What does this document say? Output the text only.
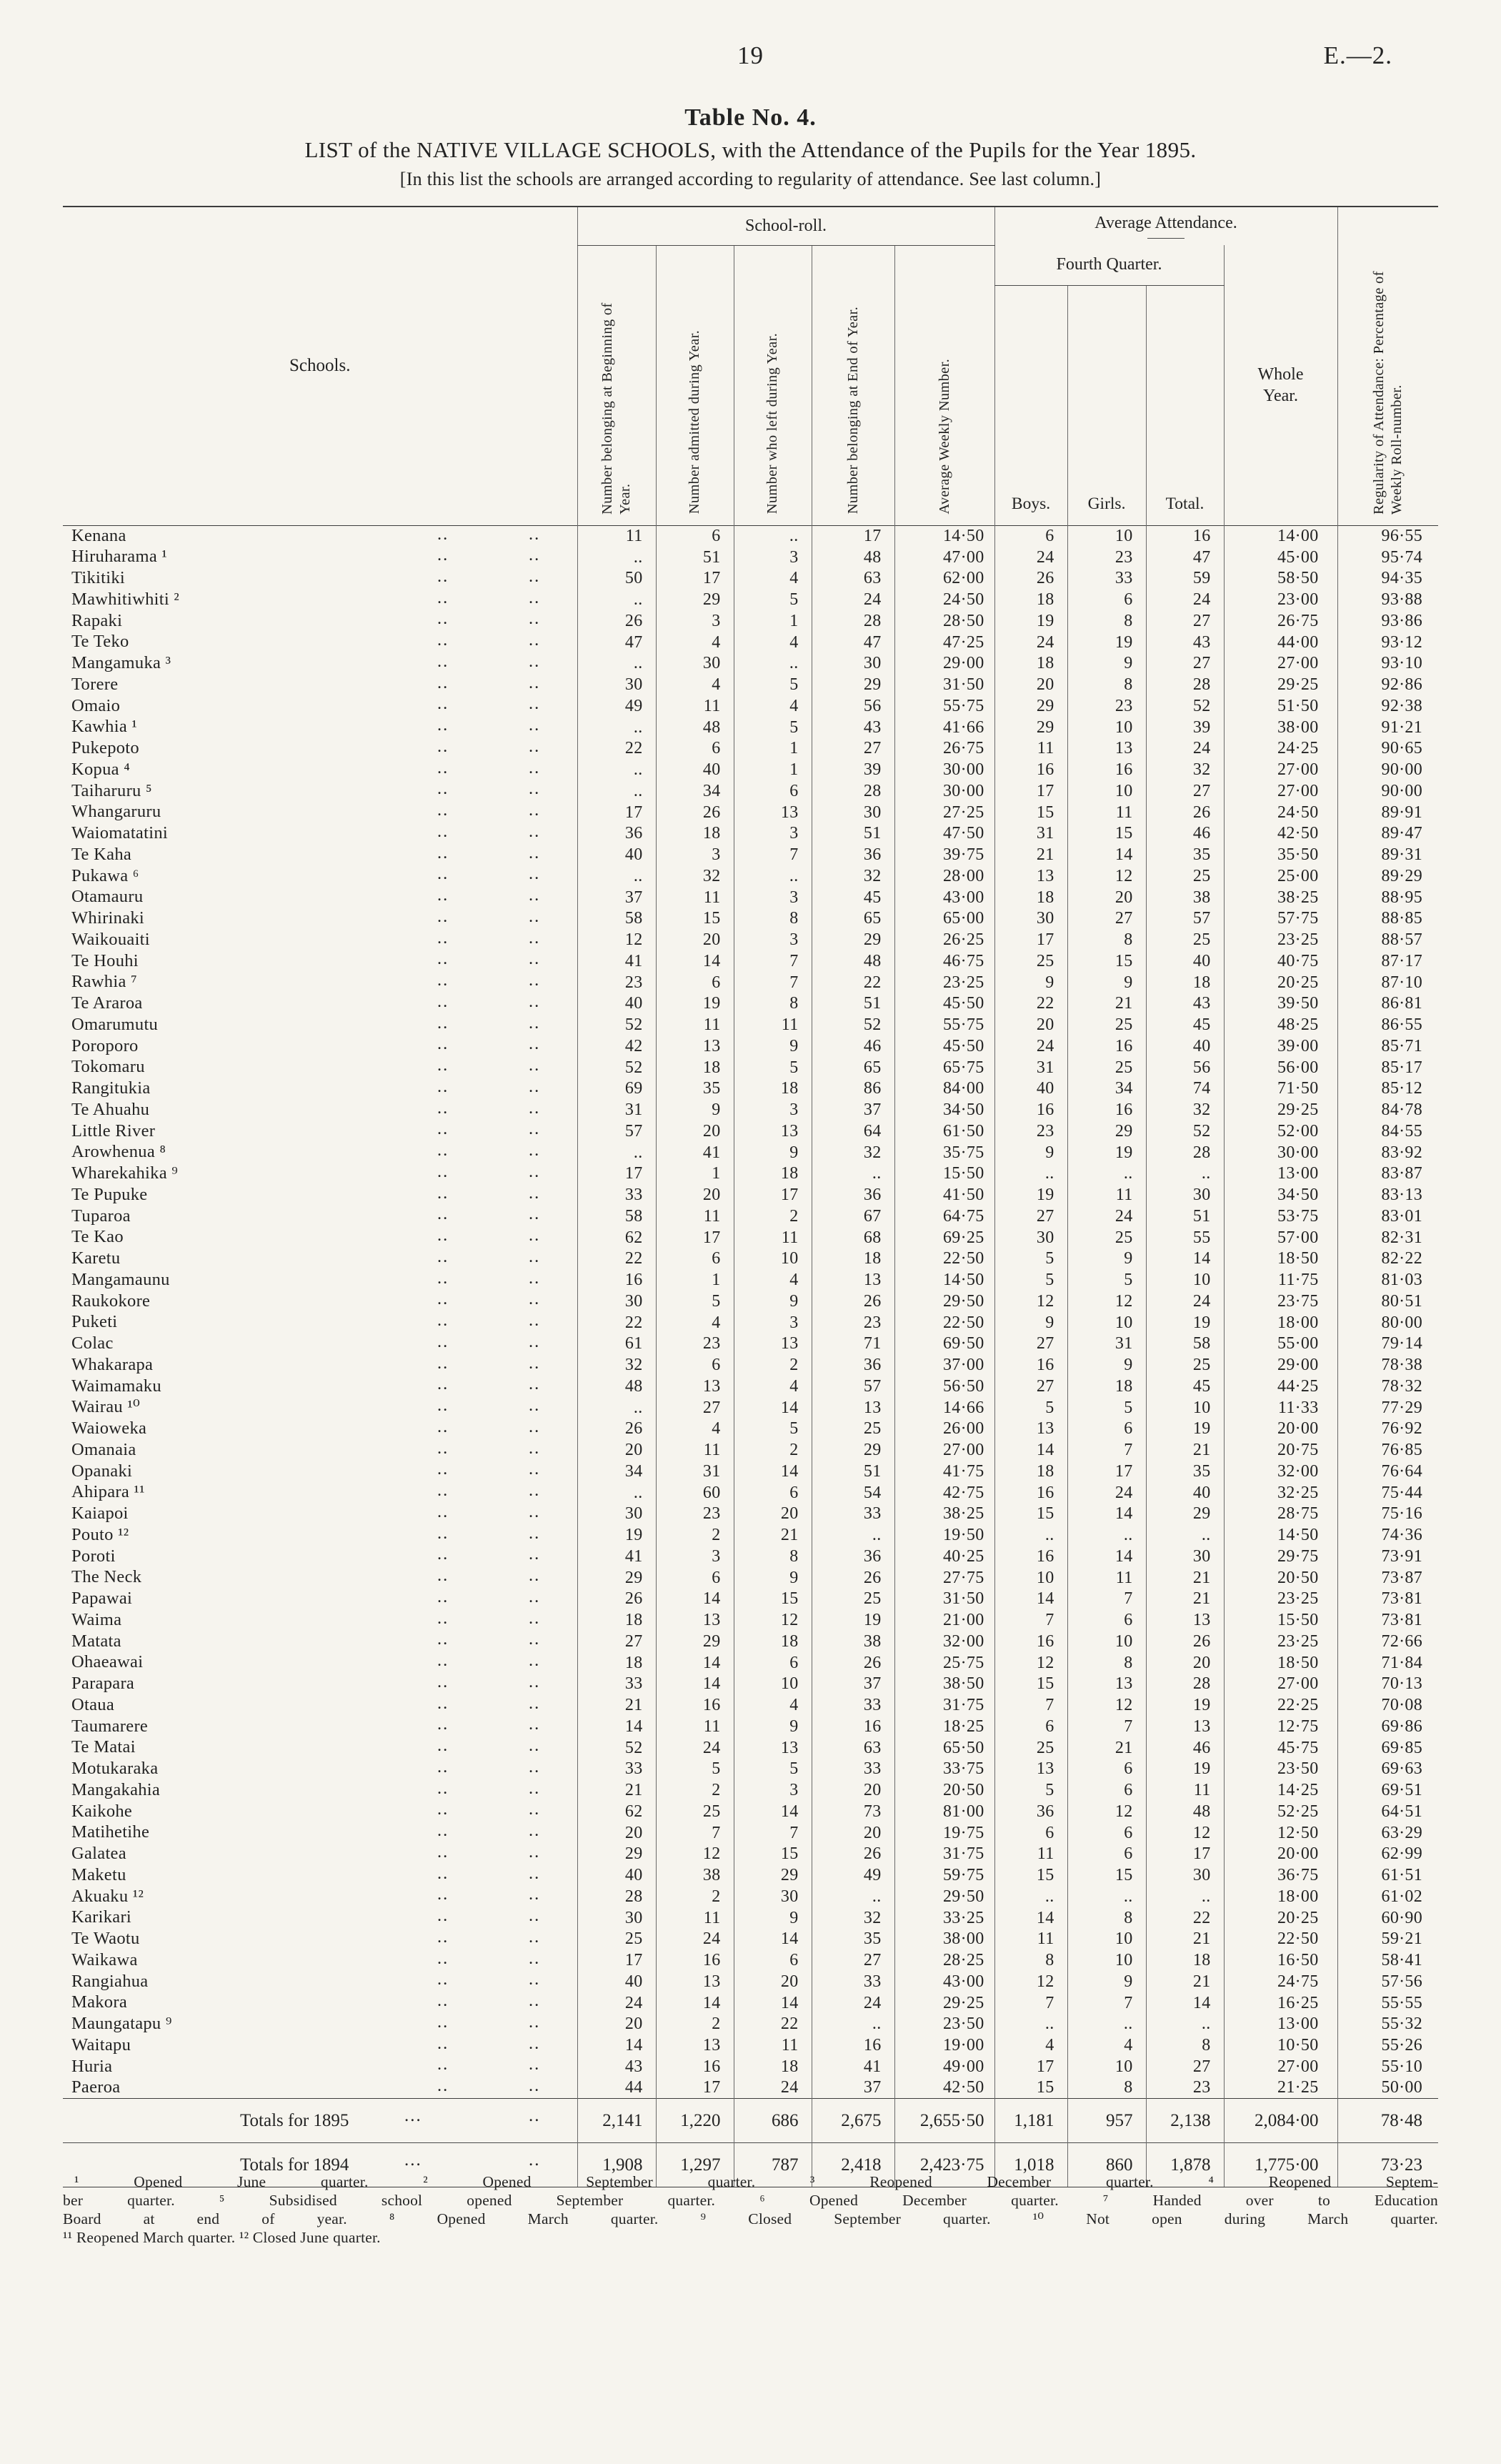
19	E.—2.
Table No. 4.
LIST of the NATIVE VILLAGE SCHOOLS, with the Attendance of the Pupils for the Year 1895.
[In this list the schools are arranged according to regularity of attendance. See last column.]
Schools.	School-roll.					Average Attendance.				Regularity of Attendance: Percentage of Weekly Roll-number.
	Number belonging at Beginning of Year.	Number admitted during Year.	Number who left during Year.	Number belonging at End of Year.	Average Weekly Number.	Fourth Quarter.			Whole Year.	
						Boys.	Girls.	Total.		
Kenana .. ..	11	6	..	17	14·50	6	10	16	14·00	96·55
Hiruharama ¹ .. ..	..	51	3	48	47·00	24	23	47	45·00	95·74
Tikitiki .. ..	50	17	4	63	62·00	26	33	59	58·50	94·35
Mawhitiwhiti ² .. ..	..	29	5	24	24·50	18	6	24	23·00	93·88
Rapaki .. ..	26	3	1	28	28·50	19	8	27	26·75	93·86
Te Teko .. ..	47	4	4	47	47·25	24	19	43	44·00	93·12
Mangamuka ³ .. ..	..	30	..	30	29·00	18	9	27	27·00	93·10
Torere .. ..	30	4	5	29	31·50	20	8	28	29·25	92·86
Omaio .. ..	49	11	4	56	55·75	29	23	52	51·50	92·38
Kawhia ¹ .. ..	..	48	5	43	41·66	29	10	39	38·00	91·21
Pukepoto .. ..	22	6	1	27	26·75	11	13	24	24·25	90·65
Kopua ⁴ .. ..	..	40	1	39	30·00	16	16	32	27·00	90·00
Taiharuru ⁵ .. ..	..	34	6	28	30·00	17	10	27	27·00	90·00
Whangaruru .. ..	17	26	13	30	27·25	15	11	26	24·50	89·91
Waiomatatini .. ..	36	18	3	51	47·50	31	15	46	42·50	89·47
Te Kaha .. ..	40	3	7	36	39·75	21	14	35	35·50	89·31
Pukawa ⁶ .. ..	..	32	..	32	28·00	13	12	25	25·00	89·29
Otamauru .. ..	37	11	3	45	43·00	18	20	38	38·25	88·95
Whirinaki .. ..	58	15	8	65	65·00	30	27	57	57·75	88·85
Waikouaiti .. ..	12	20	3	29	26·25	17	8	25	23·25	88·57
Te Houhi .. ..	41	14	7	48	46·75	25	15	40	40·75	87·17
Rawhia ⁷ .. ..	23	6	7	22	23·25	9	9	18	20·25	87·10
Te Araroa .. ..	40	19	8	51	45·50	22	21	43	39·50	86·81
Omarumutu .. ..	52	11	11	52	55·75	20	25	45	48·25	86·55
Poroporo .. ..	42	13	9	46	45·50	24	16	40	39·00	85·71
Tokomaru .. ..	52	18	5	65	65·75	31	25	56	56·00	85·17
Rangitukia .. ..	69	35	18	86	84·00	40	34	74	71·50	85·12
Te Ahuahu .. ..	31	9	3	37	34·50	16	16	32	29·25	84·78
Little River .. ..	57	20	13	64	61·50	23	29	52	52·00	84·55
Arowhenua ⁸ .. ..	..	41	9	32	35·75	9	19	28	30·00	83·92
Wharekahika ⁹ .. ..	17	1	18	..	15·50	..	..	..	13·00	83·87
Te Pupuke .. ..	33	20	17	36	41·50	19	11	30	34·50	83·13
Tuparoa .. ..	58	11	2	67	64·75	27	24	51	53·75	83·01
Te Kao .. ..	62	17	11	68	69·25	30	25	55	57·00	82·31
Karetu .. ..	22	6	10	18	22·50	5	9	14	18·50	82·22
Mangamaunu .. ..	16	1	4	13	14·50	5	5	10	11·75	81·03
Raukokore .. ..	30	5	9	26	29·50	12	12	24	23·75	80·51
Puketi .. ..	22	4	3	23	22·50	9	10	19	18·00	80·00
Colac .. ..	61	23	13	71	69·50	27	31	58	55·00	79·14
Whakarapa .. ..	32	6	2	36	37·00	16	9	25	29·00	78·38
Waimamaku .. ..	48	13	4	57	56·50	27	18	45	44·25	78·32
Wairau ¹⁰ .. ..	..	27	14	13	14·66	5	5	10	11·33	77·29
Waioweka .. ..	26	4	5	25	26·00	13	6	19	20·00	76·92
Omanaia .. ..	20	11	2	29	27·00	14	7	21	20·75	76·85
Opanaki .. ..	34	31	14	51	41·75	18	17	35	32·00	76·64
Ahipara ¹¹ .. ..	..	60	6	54	42·75	16	24	40	32·25	75·44
Kaiapoi .. ..	30	23	20	33	38·25	15	14	29	28·75	75·16
Pouto ¹² .. ..	19	2	21	..	19·50	..	..	..	14·50	74·36
Poroti .. ..	41	3	8	36	40·25	16	14	30	29·75	73·91
The Neck .. ..	29	6	9	26	27·75	10	11	21	20·50	73·87
Papawai .. ..	26	14	15	25	31·50	14	7	21	23·25	73·81
Waima .. ..	18	13	12	19	21·00	7	6	13	15·50	73·81
Matata .. ..	27	29	18	38	32·00	16	10	26	23·25	72·66
Ohaeawai .. ..	18	14	6	26	25·75	12	8	20	18·50	71·84
Parapara .. ..	33	14	10	37	38·50	15	13	28	27·00	70·13
Otaua .. ..	21	16	4	33	31·75	7	12	19	22·25	70·08
Taumarere .. ..	14	11	9	16	18·25	6	7	13	12·75	69·86
Te Matai .. ..	52	24	13	63	65·50	25	21	46	45·75	69·85
Motukaraka .. ..	33	5	5	33	33·75	13	6	19	23·50	69·63
Mangakahia .. ..	21	2	3	20	20·50	5	6	11	14·25	69·51
Kaikohe .. ..	62	25	14	73	81·00	36	12	48	52·25	64·51
Matihetihe .. ..	20	7	7	20	19·75	6	6	12	12·50	63·29
Galatea .. ..	29	12	15	26	31·75	11	6	17	20·00	62·99
Maketu .. ..	40	38	29	49	59·75	15	15	30	36·75	61·51
Akuaku ¹² .. ..	28	2	30	..	29·50	..	..	..	18·00	61·02
Karikari .. ..	30	11	9	32	33·25	14	8	22	20·25	60·90
Te Waotu .. ..	25	24	14	35	38·00	11	10	21	22·50	59·21
Waikawa .. ..	17	16	6	27	28·25	8	10	18	16·50	58·41
Rangiahua .. ..	40	13	20	33	43·00	12	9	21	24·75	57·56
Makora .. ..	24	14	14	24	29·25	7	7	14	16·25	55·55
Maungatapu ⁹ .. ..	20	2	22	..	23·50	..	..	..	13·00	55·32
Waitapu .. ..	14	13	11	16	19·00	4	4	8	10·50	55·26
Huria .. ..	43	16	18	41	49·00	17	10	27	27·00	55·10
Paeroa .. ..	44	17	24	37	42·50	15	8	23	21·25	50·00
Totals for 1895 ... ..	2,141	1,220	686	2,675	2,655·50	1,181	957	2,138	2,084·00	78·48
Totals for 1894 ... ..	1,908	1,297	787	2,418	2,423·75	1,018	860	1,878	1,775·00	73·23
¹ Opened June quarter. ² Opened September quarter. ³ Reopened December quarter. ⁴ Reopened Septem-
ber quarter. ⁵ Subsidised school opened September quarter. ⁶ Opened December quarter. ⁷ Handed over to Education
Board at end of year. ⁸ Opened March quarter. ⁹ Closed September quarter. ¹⁰ Not open during March quarter.
¹¹ Reopened March quarter. ¹² Closed June quarter.
